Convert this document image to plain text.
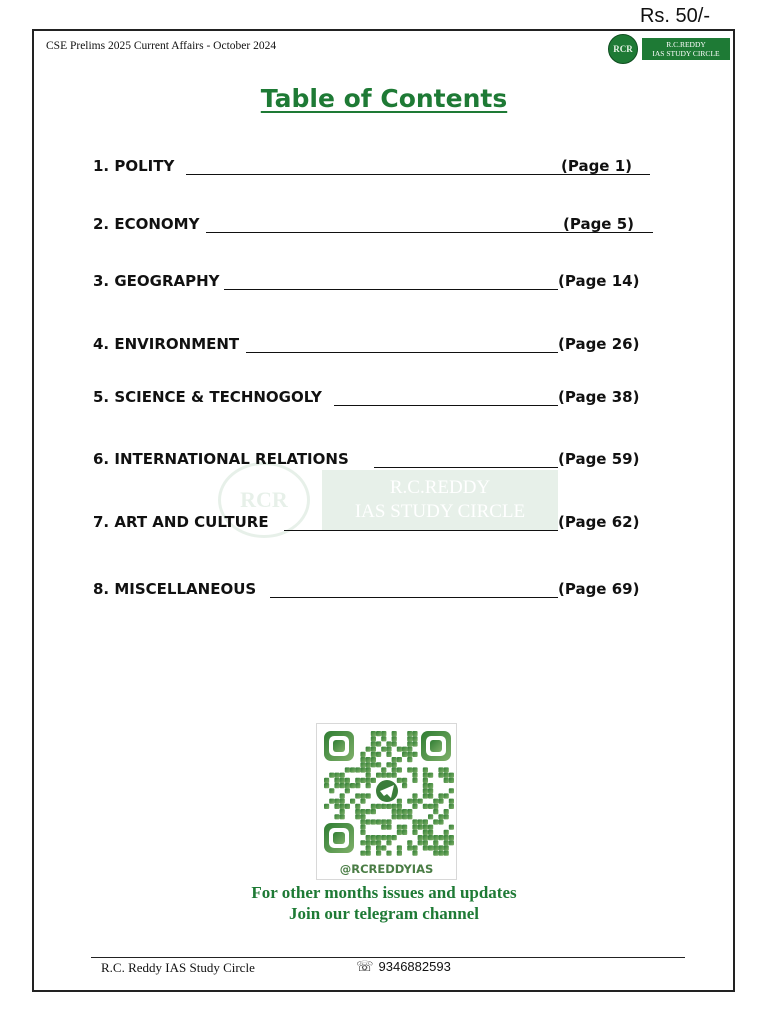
Rs. 50/-
CSE Prelims 2025 Current Affairs - October 2024	RCR	R.C.REDDY
IAS STUDY CIRCLE
Table of Contents
RCR	R.C.REDDY
IAS STUDY CIRCLE
1. POLITY	(Page 1)
2. ECONOMY	(Page 5)
3. GEOGRAPHY	(Page 14)
4. ENVIRONMENT	(Page 26)
5. SCIENCE & TECHNOGOLY	(Page 38)
6. INTERNATIONAL RELATIONS	(Page 59)
7. ART AND CULTURE	(Page 62)
8. MISCELLANEOUS	(Page 69)
@RCREDDYIAS
For other months issues and updates
Join our telegram channel
R.C. Reddy IAS Study Circle	☏ 9346882593
